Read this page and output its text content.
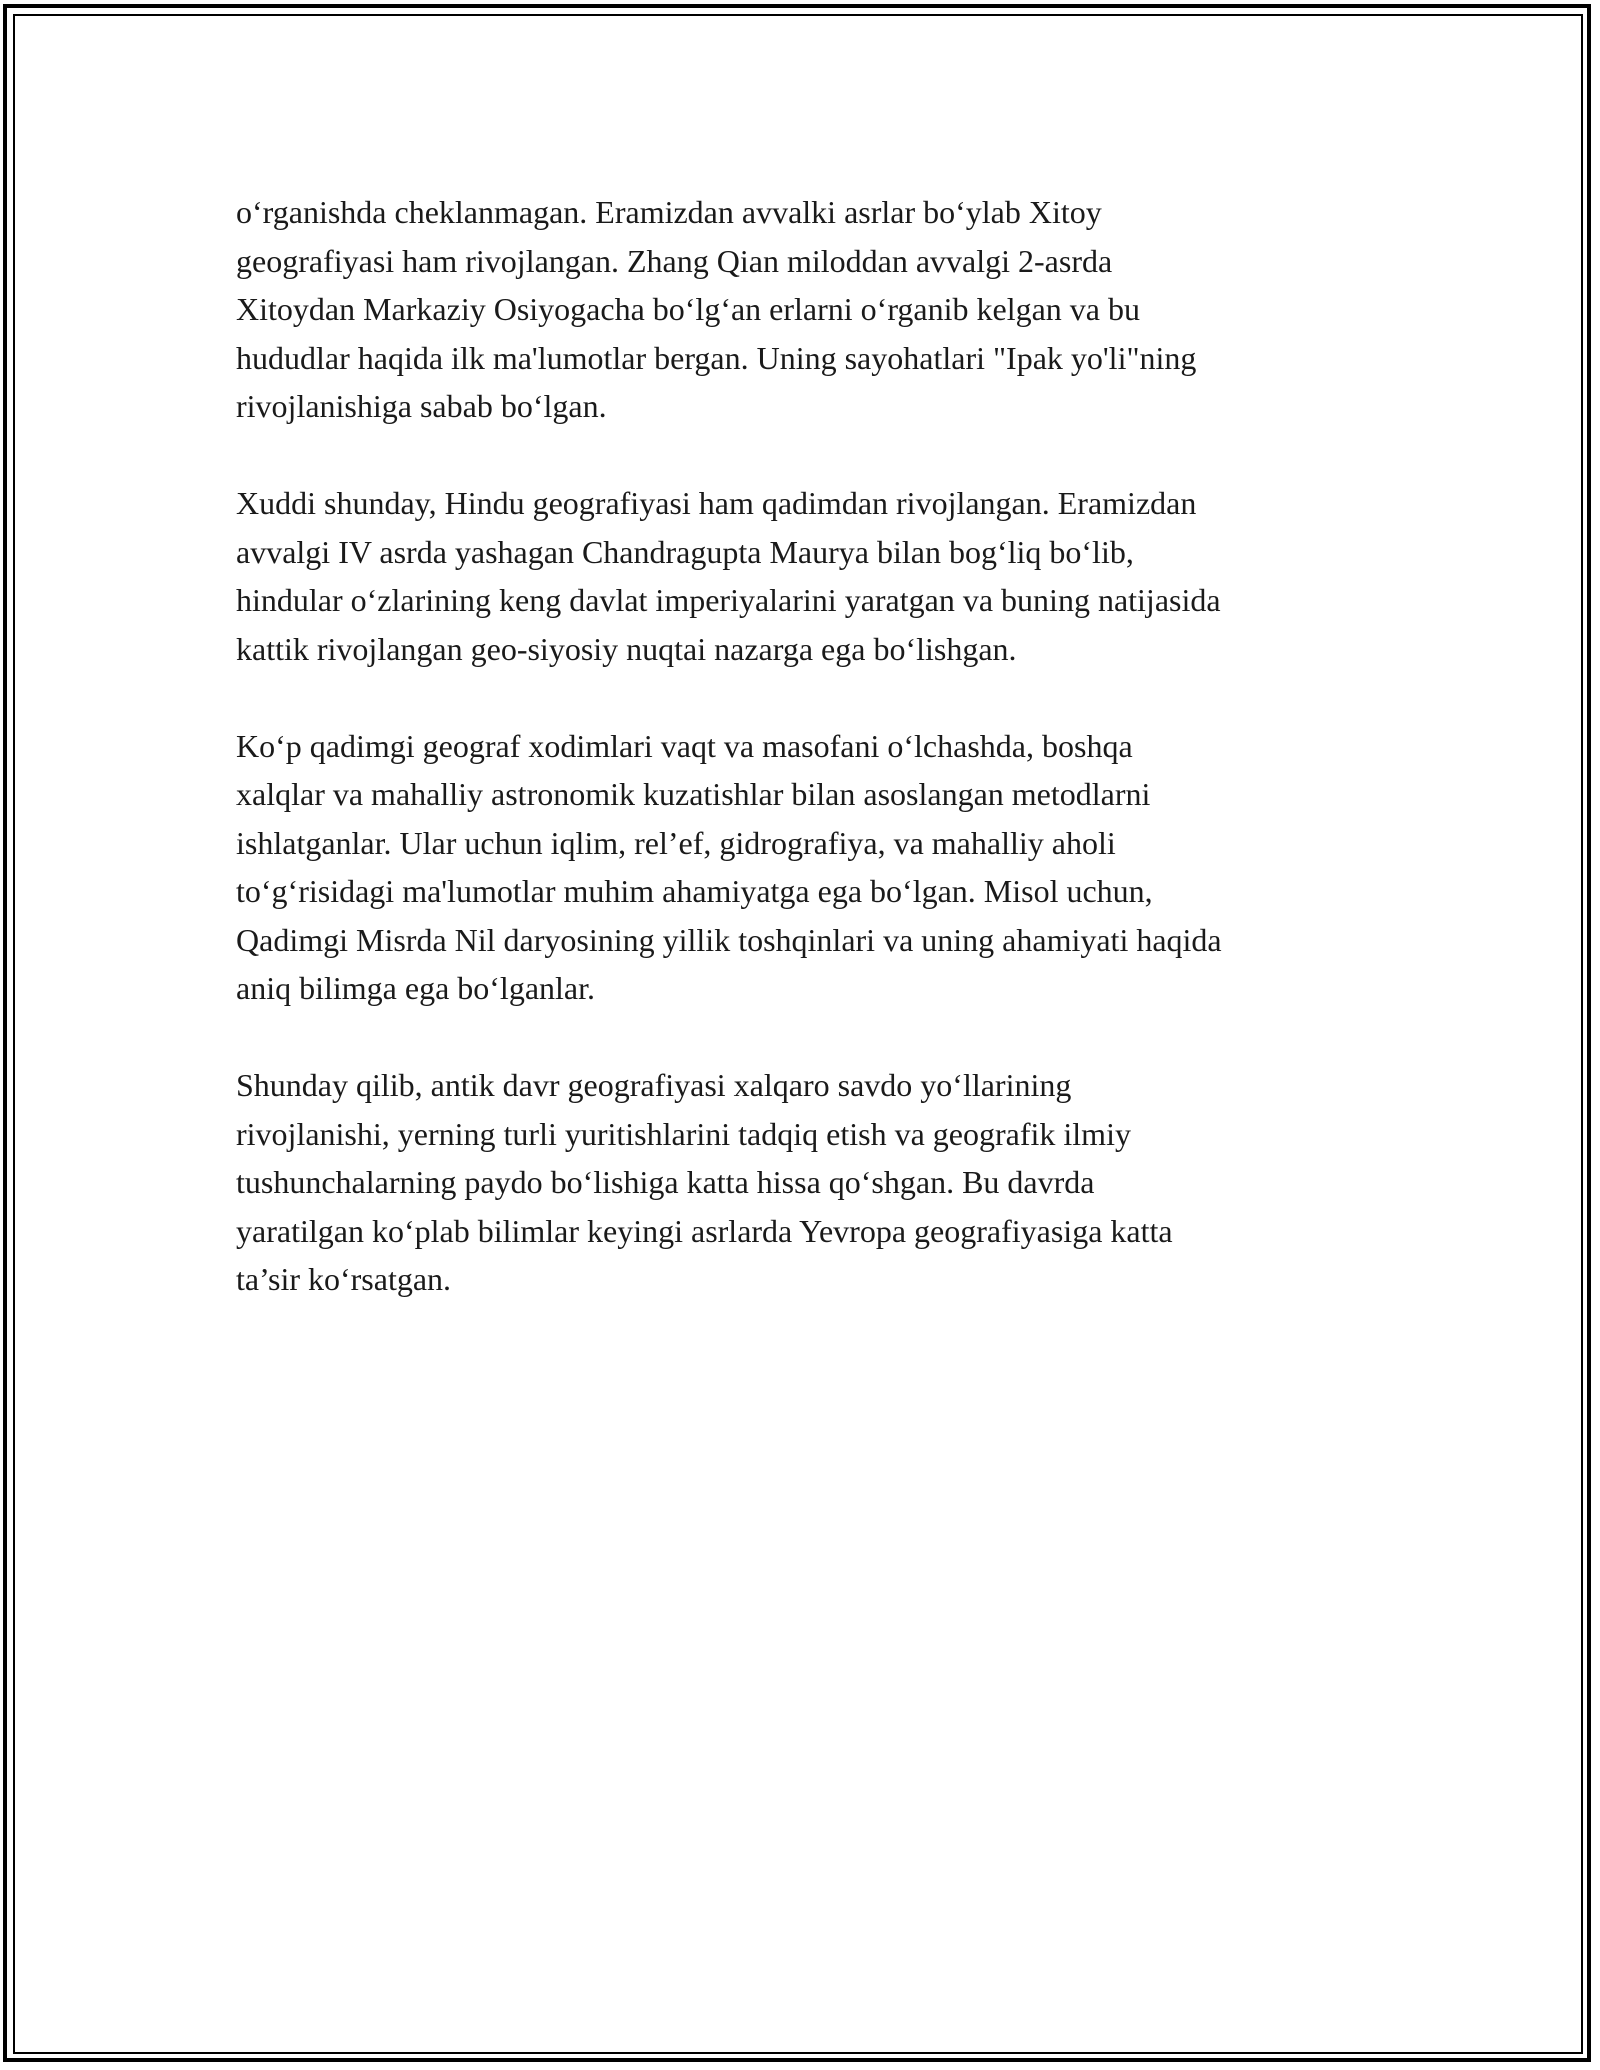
o‘rganishda cheklanmagan. Eramizdan avvalki asrlar bo‘ylab Xitoy
geografiyasi ham rivojlangan. Zhang Qian miloddan avvalgi 2-asrda
Xitoydan Markaziy Osiyogacha bo‘lg‘an erlarni o‘rganib kelgan va bu
hududlar haqida ilk ma'lumotlar bergan. Uning sayohatlari "Ipak yo'li"ning
rivojlanishiga sabab bo‘lgan.

Xuddi shunday, Hindu geografiyasi ham qadimdan rivojlangan. Eramizdan
avvalgi IV asrda yashagan Chandragupta Maurya bilan bog‘liq bo‘lib,
hindular o‘zlarining keng davlat imperiyalarini yaratgan va buning natijasida
kattik rivojlangan geo-siyosiy nuqtai nazarga ega bo‘lishgan.

Ko‘p qadimgi geograf xodimlari vaqt va masofani o‘lchashda, boshqa
xalqlar va mahalliy astronomik kuzatishlar bilan asoslangan metodlarni
ishlatganlar. Ular uchun iqlim, rel’ef, gidrografiya, va mahalliy aholi
to‘g‘risidagi ma'lumotlar muhim ahamiyatga ega bo‘lgan. Misol uchun,
Qadimgi Misrda Nil daryosining yillik toshqinlari va uning ahamiyati haqida
aniq bilimga ega bo‘lganlar.

Shunday qilib, antik davr geografiyasi xalqaro savdo yo‘llarining
rivojlanishi, yerning turli yuritishlarini tadqiq etish va geografik ilmiy
tushunchalarning paydo bo‘lishiga katta hissa qo‘shgan. Bu davrda
yaratilgan ko‘plab bilimlar keyingi asrlarda Yevropa geografiyasiga katta
ta’sir ko‘rsatgan.
